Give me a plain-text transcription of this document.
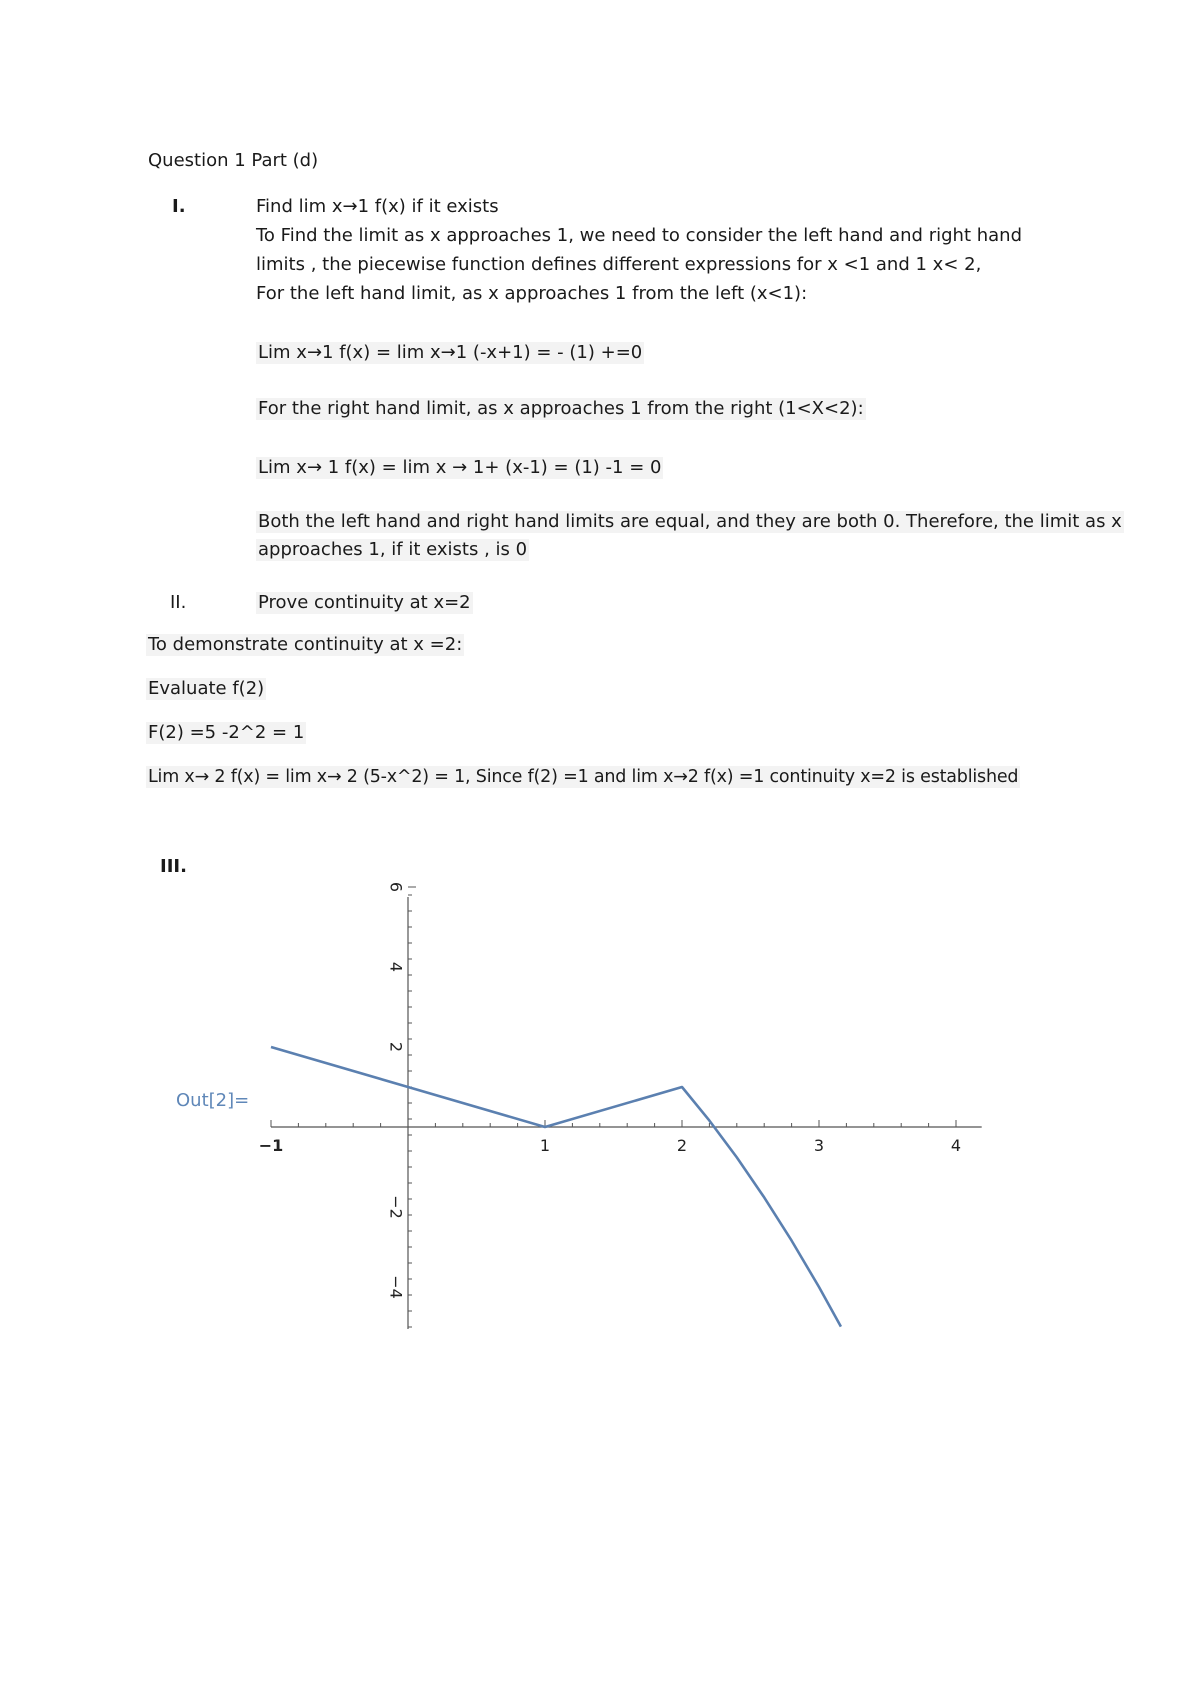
Question 1 Part (d)
I.	Find lim x→1 f(x) if it exists
To Find the limit as x approaches 1, we need to consider the left hand and right hand
limits , the piecewise function defines different expressions for x <1 and 1 x< 2,
For the left hand limit, as x approaches 1 from the left (x<1):
Lim x→1 f(x) = lim x→1 (-x+1) = - (1) +=0
For the right hand limit, as x approaches 1 from the right (1<X<2):
Lim x→ 1 f(x) = lim x → 1+ (x-1) = (1) -1 = 0
Both the left hand and right hand limits are equal, and they are both 0. Therefore, the limit as x
approaches 1, if it exists , is 0
II.	Prove continuity at x=2
To demonstrate continuity at x =2:
Evaluate f(2)
F(2) =5 -2^2 = 1
Lim x→ 2 f(x) = lim x→ 2 (5-x^2) = 1, Since f(2) =1 and lim x→2 f(x) =1 continuity x=2 is established
III.
Out[2]=
−1	1	2	3	4
6
4
2
−2
−4
